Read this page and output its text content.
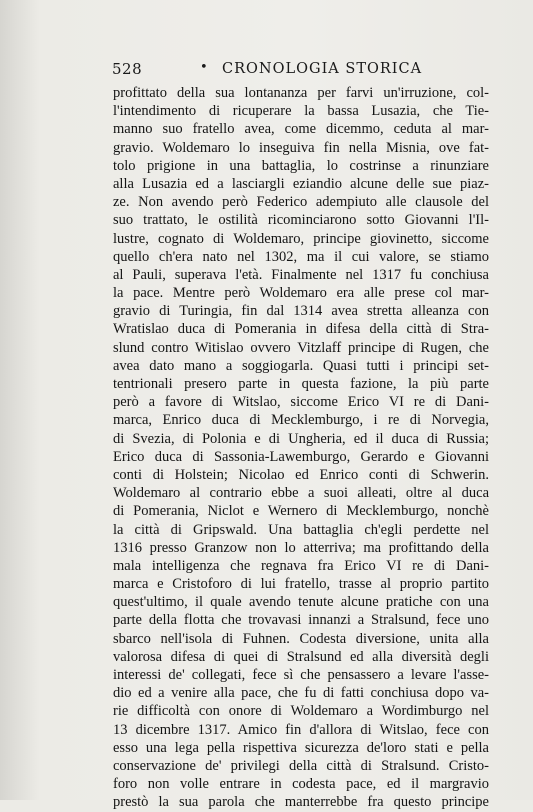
528	• CRONOLOGIA STORICA
profittato della sua lontananza per farvi un'irruzione, col-
l'intendimento di ricuperare la bassa Lusazia, che Tie-
manno suo fratello avea, come dicemmo, ceduta al mar-
gravio. Woldemaro lo inseguiva fin nella Misnia, ove fat-
tolo prigione in una battaglia, lo costrinse a rinunziare
alla Lusazia ed a lasciargli eziandio alcune delle sue piaz-
ze. Non avendo però Federico adempiuto alle clausole del
suo trattato, le ostilità ricominciarono sotto Giovanni l'Il-
lustre, cognato di Woldemaro, principe giovinetto, siccome
quello ch'era nato nel 1302, ma il cui valore, se stiamo
al Pauli, superava l'età. Finalmente nel 1317 fu conchiusa
la pace. Mentre però Woldemaro era alle prese col mar-
gravio di Turingia, fin dal 1314 avea stretta alleanza con
Wratislao duca di Pomerania in difesa della città di Stra-
slund contro Witislao ovvero Vitzlaff principe di Rugen, che
avea dato mano a soggiogarla. Quasi tutti i principi set-
tentrionali presero parte in questa fazione, la più parte
però a favore di Witslao, siccome Erico VI re di Dani-
marca, Enrico duca di Mecklemburgo, i re di Norvegia,
di Svezia, di Polonia e di Ungheria, ed il duca di Russia;
Erico duca di Sassonia-Lawemburgo, Gerardo e Giovanni
conti di Holstein; Nicolao ed Enrico conti di Schwerin.
Woldemaro al contrario ebbe a suoi alleati, oltre al duca
di Pomerania, Niclot e Wernero di Mecklemburgo, nonchè
la città di Gripswald. Una battaglia ch'egli perdette nel
1316 presso Granzow non lo atterriva; ma profittando della
mala intelligenza che regnava fra Erico VI re di Dani-
marca e Cristoforo di lui fratello, trasse al proprio partito
quest'ultimo, il quale avendo tenute alcune pratiche con una
parte della flotta che trovavasi innanzi a Stralsund, fece uno
sbarco nell'isola di Fuhnen. Codesta diversione, unita alla
valorosa difesa di quei di Stralsund ed alla diversità degli
interessi de' collegati, fece sì che pensassero a levare l'asse-
dio ed a venire alla pace, che fu di fatti conchiusa dopo va-
rie difficoltà con onore di Woldemaro a Wordimburgo nel
13 dicembre 1317. Amico fin d'allora di Witslao, fece con
esso una lega pella rispettiva sicurezza de'loro stati e pella
conservazione de' privilegi della città di Stralsund. Cristo-
foro non volle entrare in codesta pace, ed il margravio
prestò la sua parola che manterrebbe fra questo principe
